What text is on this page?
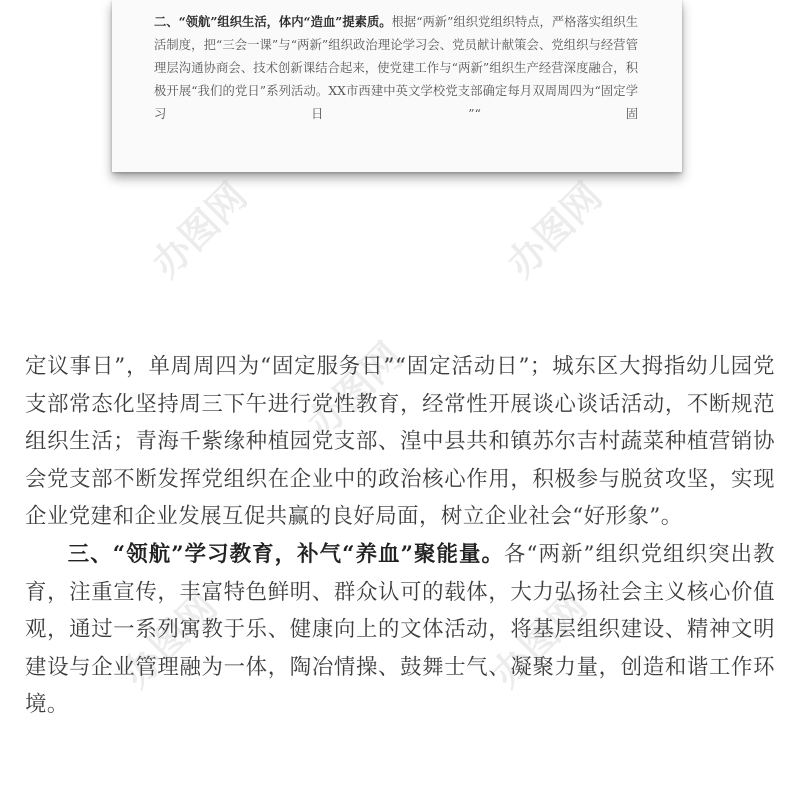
二、“领航”组织生活，体内“造血”提素质。根据“两新”组织党组织特点，严格落实组织生活制度，把“三会一课”与“两新”组织政治理论学习会、党员献计献策会、党组织与经营管理层沟通协商会、技术创新课结合起来，使党建工作与“两新”组织生产经营深度融合，积极开展“我们的党日”系列活动。XX市西建中英文学校党支部确定每月双周周四为“固定学习日”“固
办图网	办图网
办图网
办图网	办图网

定议事日”，单周周四为“固定服务日”“固定活动日”；城东区大拇指幼儿园党支部常态化坚持周三下午进行党性教育，经常性开展谈心谈话活动，不断规范组织生活；青海千紫缘种植园党支部、湟中县共和镇苏尔吉村蔬菜种植营销协会党支部不断发挥党组织在企业中的政治核心作用，积极参与脱贫攻坚，实现企业党建和企业发展互促共赢的良好局面，树立企业社会“好形象”。

三、“领航”学习教育，补气“养血”聚能量。各“两新”组织党组织突出教育，注重宣传，丰富特色鲜明、群众认可的载体，大力弘扬社会主义核心价值观，通过一系列寓教于乐、健康向上的文体活动，将基层组织建设、精神文明建设与企业管理融为一体，陶冶情操、鼓舞士气、凝聚力量，创造和谐工作环境。
